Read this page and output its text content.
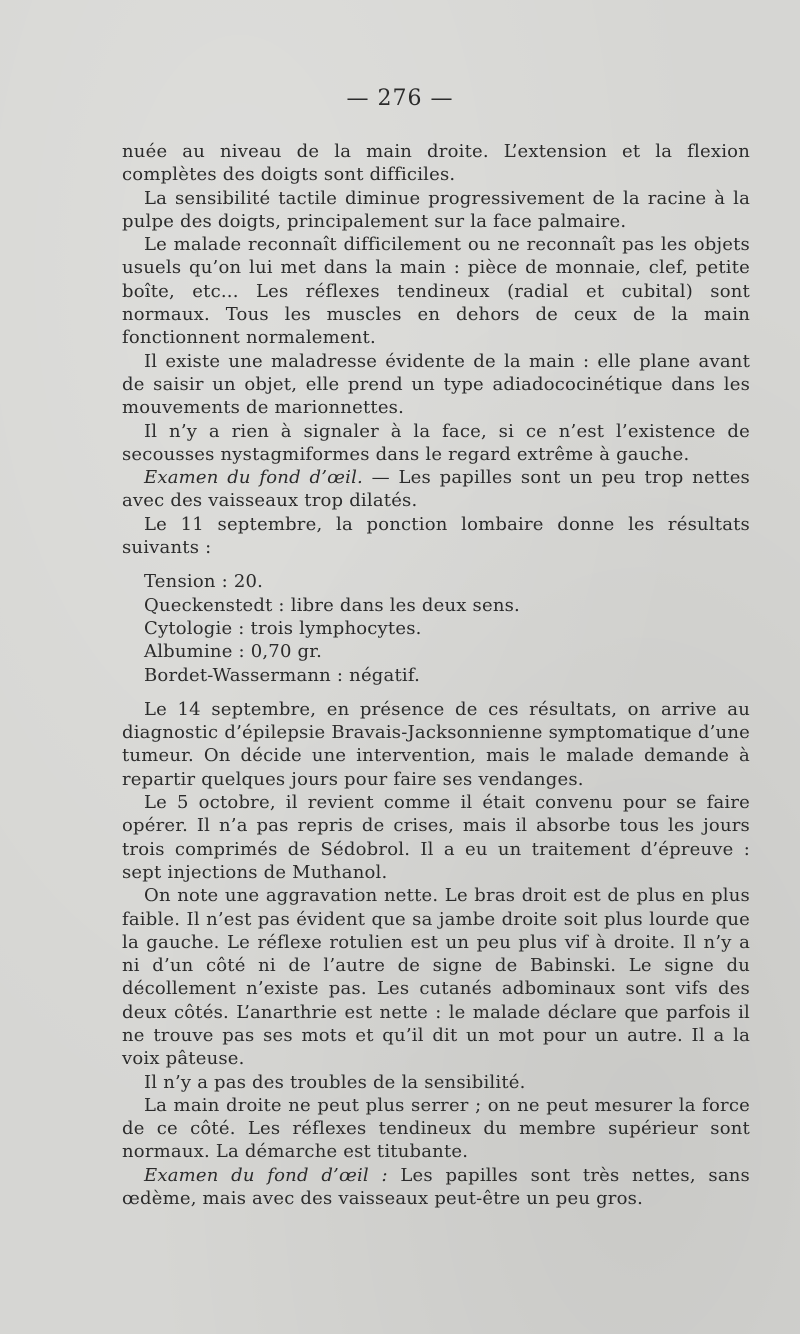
— 276 —

nuée au niveau de la main droite. L’extension et la flexion complètes des doigts sont difficiles.

La sensibilité tactile diminue progressivement de la racine à la pulpe des doigts, principalement sur la face palmaire.

Le malade reconnaît difficilement ou ne reconnaît pas les objets usuels qu’on lui met dans la main : pièce de monnaie, clef, petite boîte, etc... Les réflexes tendineux (radial et cubital) sont normaux. Tous les muscles en dehors de ceux de la main fonctionnent normalement.

Il existe une maladresse évidente de la main : elle plane avant de saisir un objet, elle prend un type adiadococinétique dans les mouvements de marionnettes.

Il n’y a rien à signaler à la face, si ce n’est l’existence de secousses nystagmiformes dans le regard extrême à gauche.

Examen du fond d’œil. — Les papilles sont un peu trop nettes avec des vaisseaux trop dilatés.

Le 11 septembre, la ponction lombaire donne les résultats suivants :

Tension : 20.
Queckenstedt : libre dans les deux sens.
Cytologie : trois lymphocytes.
Albumine : 0,70 gr.
Bordet-Wassermann : négatif.

Le 14 septembre, en présence de ces résultats, on arrive au diagnostic d’épilepsie Bravais-Jacksonnienne symptomatique d’une tumeur. On décide une intervention, mais le malade demande à repartir quelques jours pour faire ses vendanges.

Le 5 octobre, il revient comme il était convenu pour se faire opérer. Il n’a pas repris de crises, mais il absorbe tous les jours trois comprimés de Sédobrol. Il a eu un traitement d’épreuve : sept injections de Muthanol.

On note une aggravation nette. Le bras droit est de plus en plus faible. Il n’est pas évident que sa jambe droite soit plus lourde que la gauche. Le réflexe rotulien est un peu plus vif à droite. Il n’y a ni d’un côté ni de l’autre de signe de Babinski. Le signe du décollement n’existe pas. Les cutanés adbominaux sont vifs des deux côtés. L’anarthrie est nette : le malade déclare que parfois il ne trouve pas ses mots et qu’il dit un mot pour un autre. Il a la voix pâteuse.

Il n’y a pas des troubles de la sensibilité.

La main droite ne peut plus serrer ; on ne peut mesurer la force de ce côté. Les réflexes tendineux du membre supérieur sont normaux. La démarche est titubante.

Examen du fond d’œil : Les papilles sont très nettes, sans œdème, mais avec des vaisseaux peut-être un peu gros.
